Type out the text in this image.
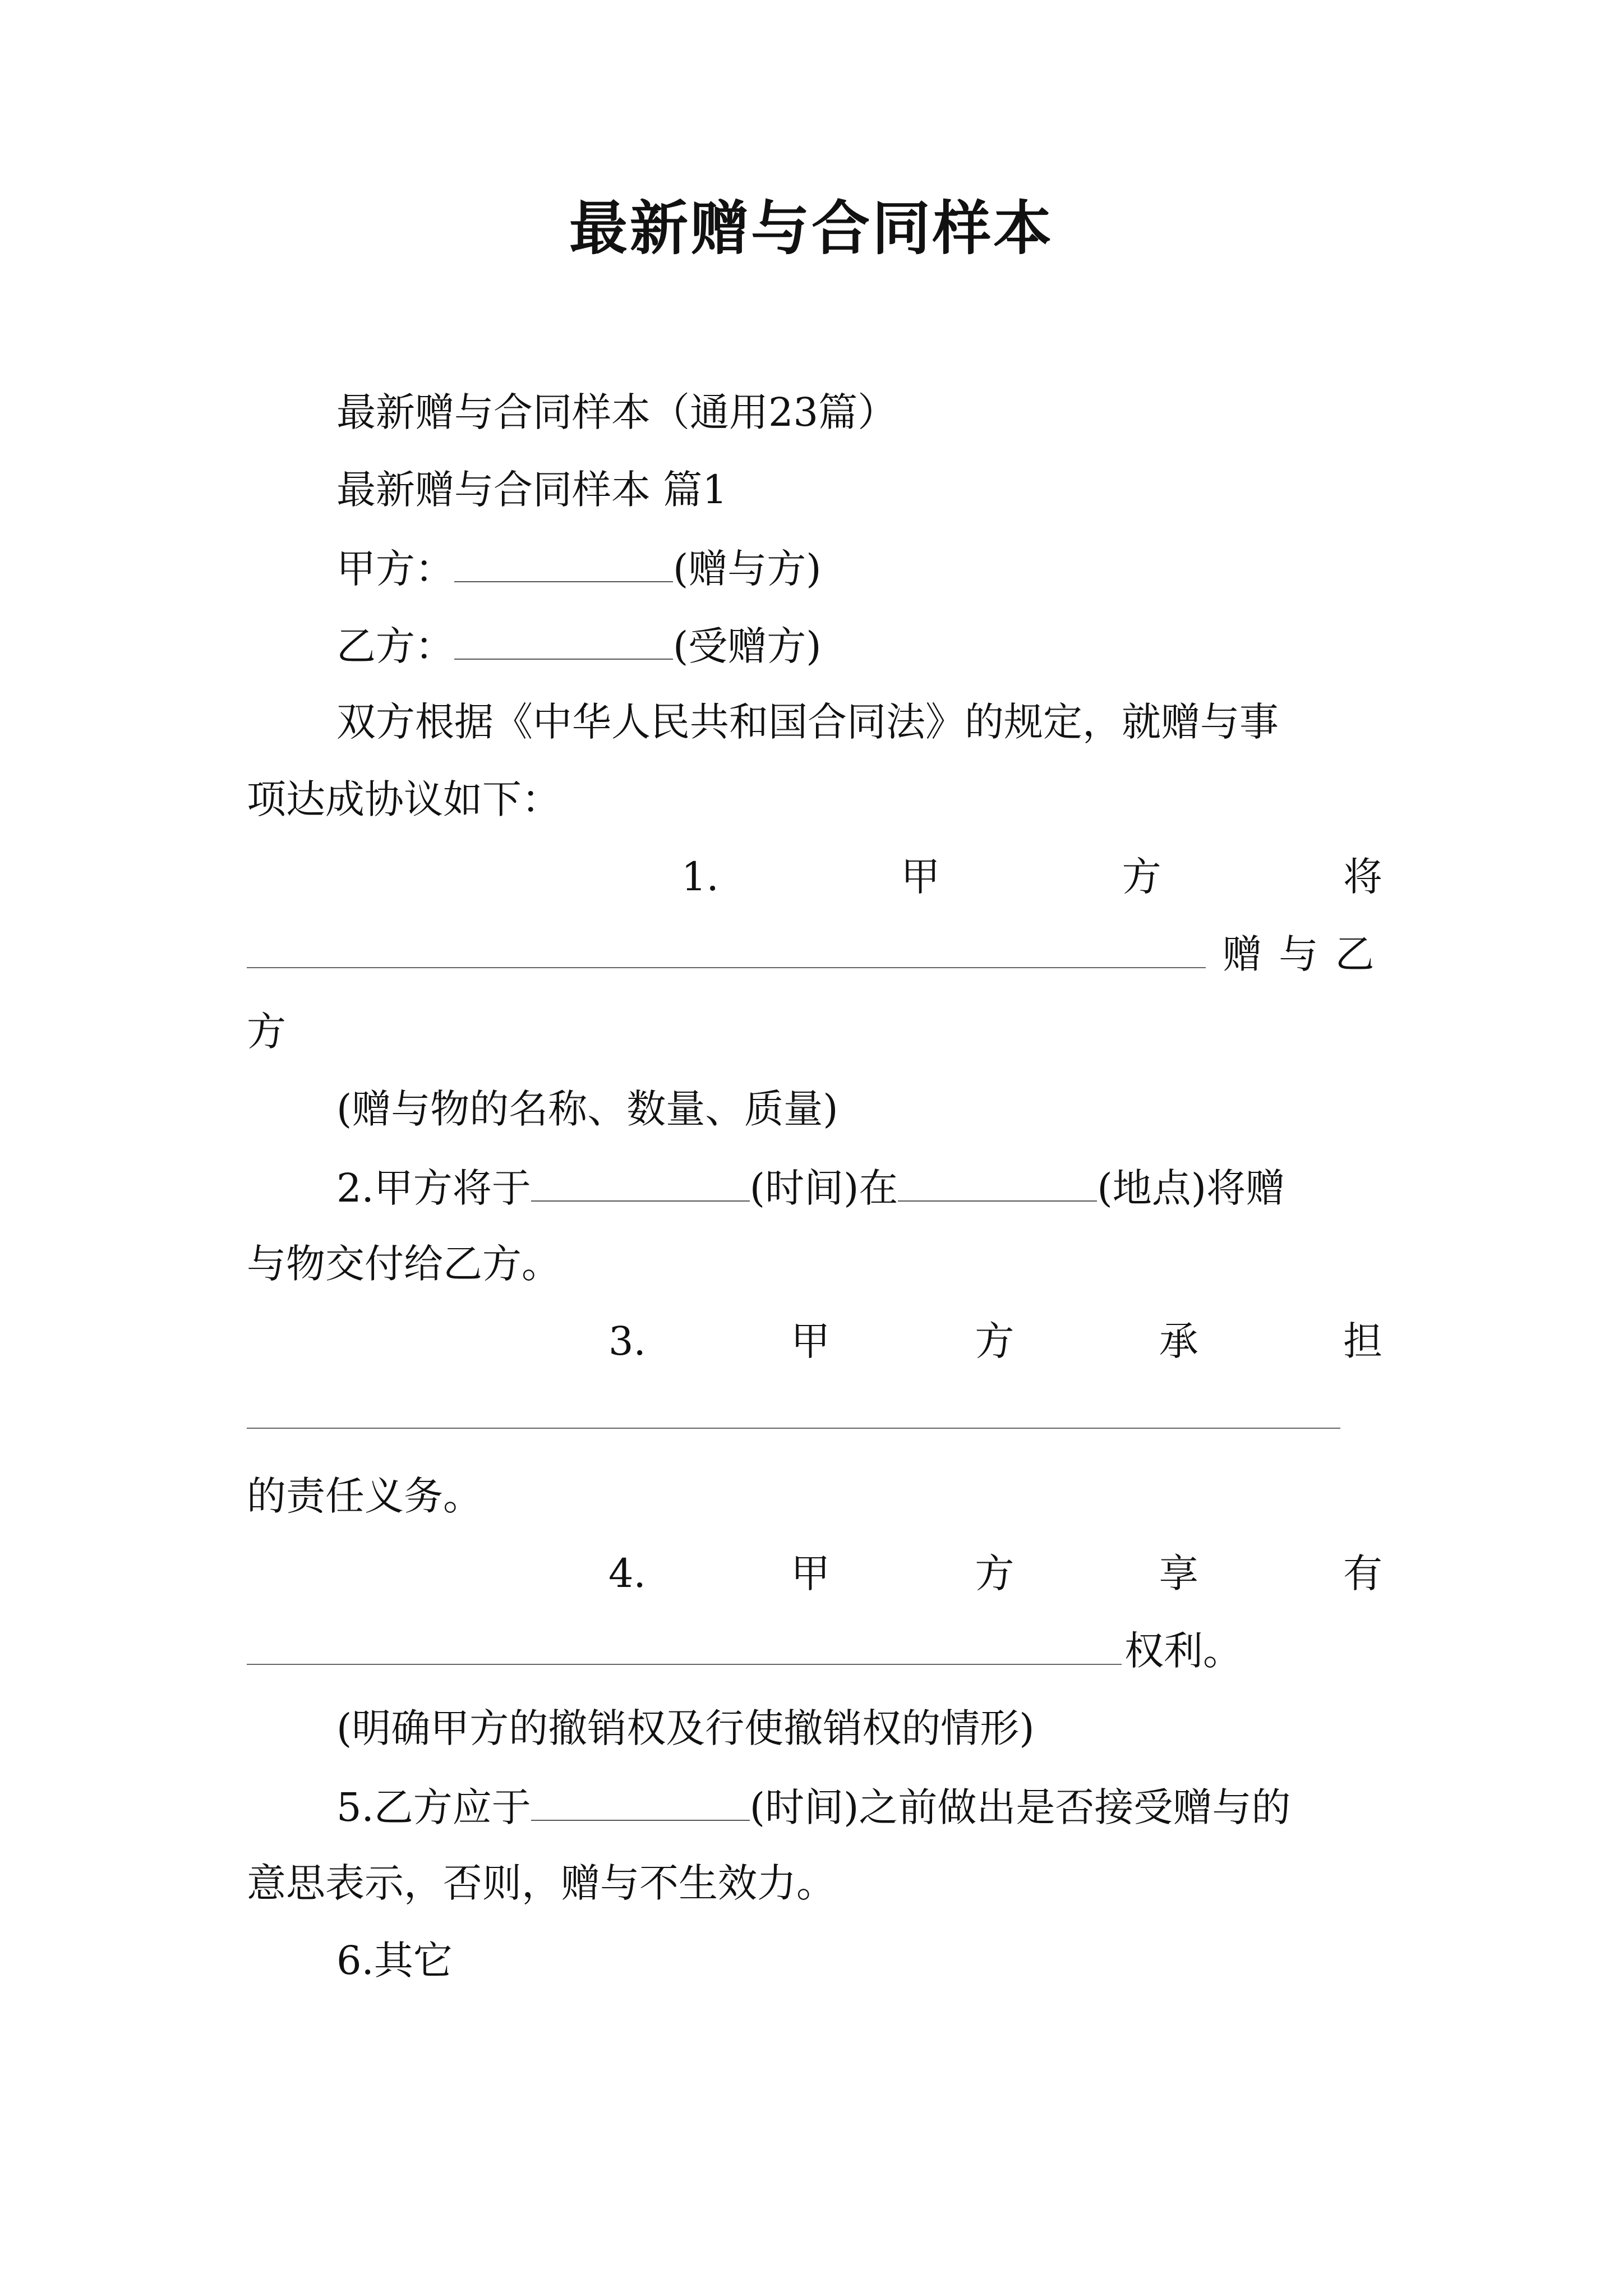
最新赠与合同样本
最新赠与合同样本（通用23篇）
最新赠与合同样本 篇1
甲方：	(赠与方)
乙方：	(受赠方)
双方根据《中华人民共和国合同法》的规定，就赠与事
项达成协议如下：
1.	甲	方	将
赠 与 乙
方
(赠与物的名称、数量、质量)
2.甲方将于	(时间)在	(地点)将赠
与物交付给乙方。
3.	甲	方	承	担
的责任义务。
4.	甲	方	享	有
权利。
(明确甲方的撤销权及行使撤销权的情形)
5.乙方应于	(时间)之前做出是否接受赠与的
意思表示，否则，赠与不生效力。
6.其它
